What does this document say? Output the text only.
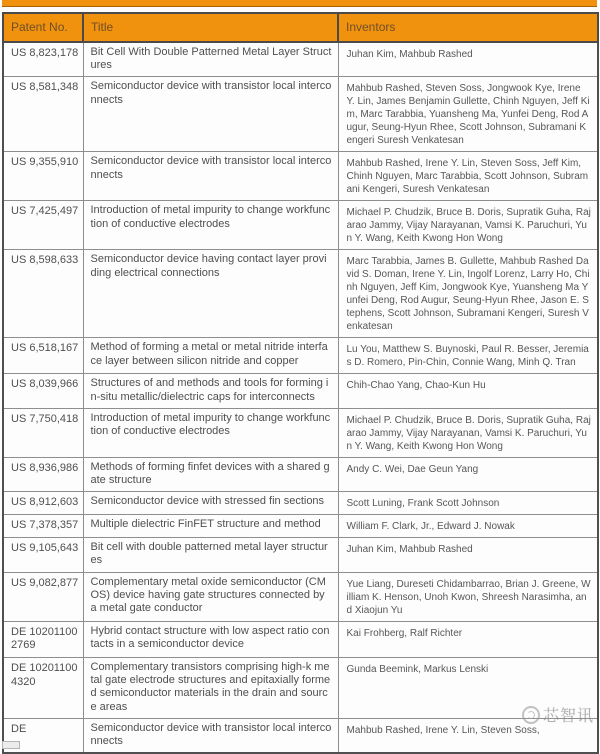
Patent No.	Title	Inventors
US 8,823,178	Bit Cell With Double Patterned Metal Layer Structures	Juhan Kim, Mahbub Rashed
US 8,581,348	Semiconductor device with transistor local interconnects	Mahbub Rashed, Steven Soss, Jongwook Kye, Irene Y. Lin, James Benjamin Gullette, Chinh Nguyen, Jeff Kim, Marc Tarabbia, Yuansheng Ma, Yunfei Deng, Rod Augur, Seung-Hyun Rhee, Scott Johnson, Subramani Kengeri Suresh Venkatesan
US 9,355,910	Semiconductor device with transistor local interconnects	Mahbub Rashed, Irene Y. Lin, Steven Soss, Jeff Kim, Chinh Nguyen, Marc Tarabbia, Scott Johnson, Subramani Kengeri, Suresh Venkatesan
US 7,425,497	Introduction of metal impurity to change workfunction of conductive electrodes	Michael P. Chudzik, Bruce B. Doris, Supratik Guha, Rajarao Jammy, Vijay Narayanan, Vamsi K. Paruchuri, Yun Y. Wang, Keith Kwong Hon Wong
US 8,598,633	Semiconductor device having contact layer providing electrical connections	Marc Tarabbia, James B. Gullette, Mahbub Rashed David S. Doman, Irene Y. Lin, Ingolf Lorenz, Larry Ho, Chinh Nguyen, Jeff Kim, Jongwook Kye, Yuansheng Ma Yunfei Deng, Rod Augur, Seung-Hyun Rhee, Jason E. Stephens, Scott Johnson, Subramani Kengeri, Suresh Venkatesan
US 6,518,167	Method of forming a metal or metal nitride interface layer between silicon nitride and copper	Lu You, Matthew S. Buynoski, Paul R. Besser, Jeremias D. Romero, Pin-Chin, Connie Wang, Minh Q. Tran
US 8,039,966	Structures of and methods and tools for forming in-situ metallic/dielectric caps for interconnects	Chih-Chao Yang, Chao-Kun Hu
US 7,750,418	Introduction of metal impurity to change workfunction of conductive electrodes	Michael P. Chudzik, Bruce B. Doris, Supratik Guha, Rajarao Jammy, Vijay Narayanan, Vamsi K. Paruchuri, Yun Y. Wang, Keith Kwong Hon Wong
US 8,936,986	Methods of forming finfet devices with a shared gate structure	Andy C. Wei, Dae Geun Yang
US 8,912,603	Semiconductor device with stressed fin sections	Scott Luning, Frank Scott Johnson
US 7,378,357	Multiple dielectric FinFET structure and method	William F. Clark, Jr., Edward J. Nowak
US 9,105,643	Bit cell with double patterned metal layer structures	Juhan Kim, Mahbub Rashed
US 9,082,877	Complementary metal oxide semiconductor (CMOS) device having gate structures connected by a metal gate conductor	Yue Liang, Dureseti Chidambarrao, Brian J. Greene, William K. Henson, Unoh Kwon, Shreesh Narasimha, and Xiaojun Yu
DE 102011002769	Hybrid contact structure with low aspect ratio contacts in a semiconductor device	Kai Frohberg, Ralf Richter
DE 102011004320	Complementary transistors comprising high-k metal gate electrode structures and epitaxially formed semiconductor materials in the drain and source areas	Gunda Beemink, Markus Lenski
DE	Semiconductor device with transistor local interconnects	Mahbub Rashed, Irene Y. Lin, Steven Soss,
芯智讯
